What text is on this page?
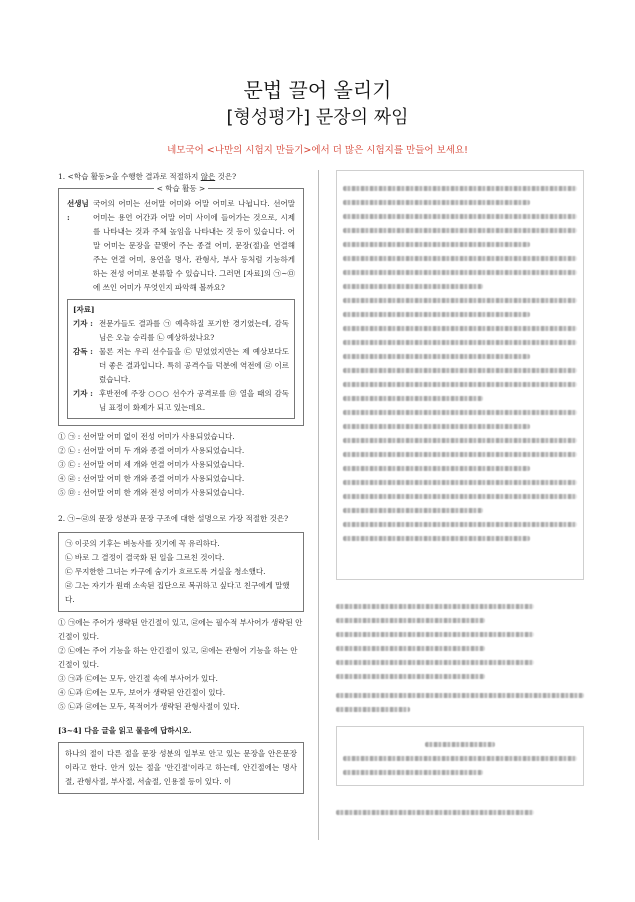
문법 끌어 올리기
[형성평가] 문장의 짜임
네모국어 <나만의 시험지 만들기>에서 더 많은 시험지를 만들어 보세요!
1. <학습 활동>을 수행한 결과로 적절하지 않은 것은?
< 학습 활동 >
선생님 :
국어의 어미는 선어말 어미와 어말 어미로 나뉩니다. 선어말 어미는 용언 어간과 어말 어미 사이에 들어가는 것으로, 시제를 나타내는 것과 주체 높임을 나타내는 것 등이 있습니다. 어말 어미는 문장을 끝맺어 주는 종결 어미, 문장(절)을 연결해 주는 연결 어미, 용언을 명사, 관형사, 부사 등처럼 기능하게 하는 전성 어미로 분류할 수 있습니다. 그러면 [자료]의 ㉠~㉤에 쓰인 어미가 무엇인지 파악해 볼까요?
[자료]
기자 : 전문가들도 결과를 ㉠ 예측하질 포기한 경기였는데, 감독님은 오늘 승리를 ㉡ 예상하셨나요?
감독 : 물론 저는 우리 선수들을 ㉢ 믿었었지만는 제 예상보다도 더 좋은 결과입니다. 특히 공격수들 덕분에 역전에 ㉣ 이르렀습니다.
기자 : 후반전에 주장 ○○○ 선수가 공격로를 ㉤ 열을 때의 감독님 표정이 화제가 되고 있는데요.
① ㉠ : 선어말 어미 없이 전성 어미가 사용되었습니다.
② ㉡ : 선어말 어미 두 개와 종결 어미가 사용되었습니다.
③ ㉢ : 선어말 어미 세 개와 연결 어미가 사용되었습니다.
④ ㉣ : 선어말 어미 한 개와 종결 어미가 사용되었습니다.
⑤ ㉤ : 선어말 어미 한 개와 전성 어미가 사용되었습니다.
2. ㉠~㉣의 문장 성분과 문장 구조에 대한 설명으로 가장 적절한 것은?
㉠ 이곳의 기후는 벼농사를 짓기에 꼭 유리하다.
㉡ 바로 그 결정이 결국화 된 일을 그르친 것이다.
㉢ 무지한한 그녀는 카구에 숨기가 흐르도록 거실을 청소했다.
㉣ 그는 자기가 원래 소속된 집단으로 복귀하고 싶다고 친구에게 말했다.
① ㉠에는 주어가 생략된 안긴절이 있고, ㉣에는 필수적 부사어가 생략된 안긴절이 있다.
② ㉡에는 주어 기능을 하는 안긴절이 있고, ㉣에는 관형어 기능을 하는 안긴절이 있다.
③ ㉠과 ㉢에는 모두, 안긴절 속에 부사어가 있다.
④ ㉡과 ㉢에는 모두, 보어가 생략된 안긴절이 있다.
⑤ ㉡과 ㉣에는 모두, 목적어가 생략된 관형사절이 있다.
[3~4] 다음 글을 읽고 물음에 답하시오.
하나의 절이 다른 절을 문장 성분의 일부로 안고 있는 문장을 안은문장이라고 한다. 안겨 있는 절을 '안긴절'이라고 하는데, 안긴절에는 명사절, 관형사절, 부사절, 서술절, 인용절 등이 있다. 이
